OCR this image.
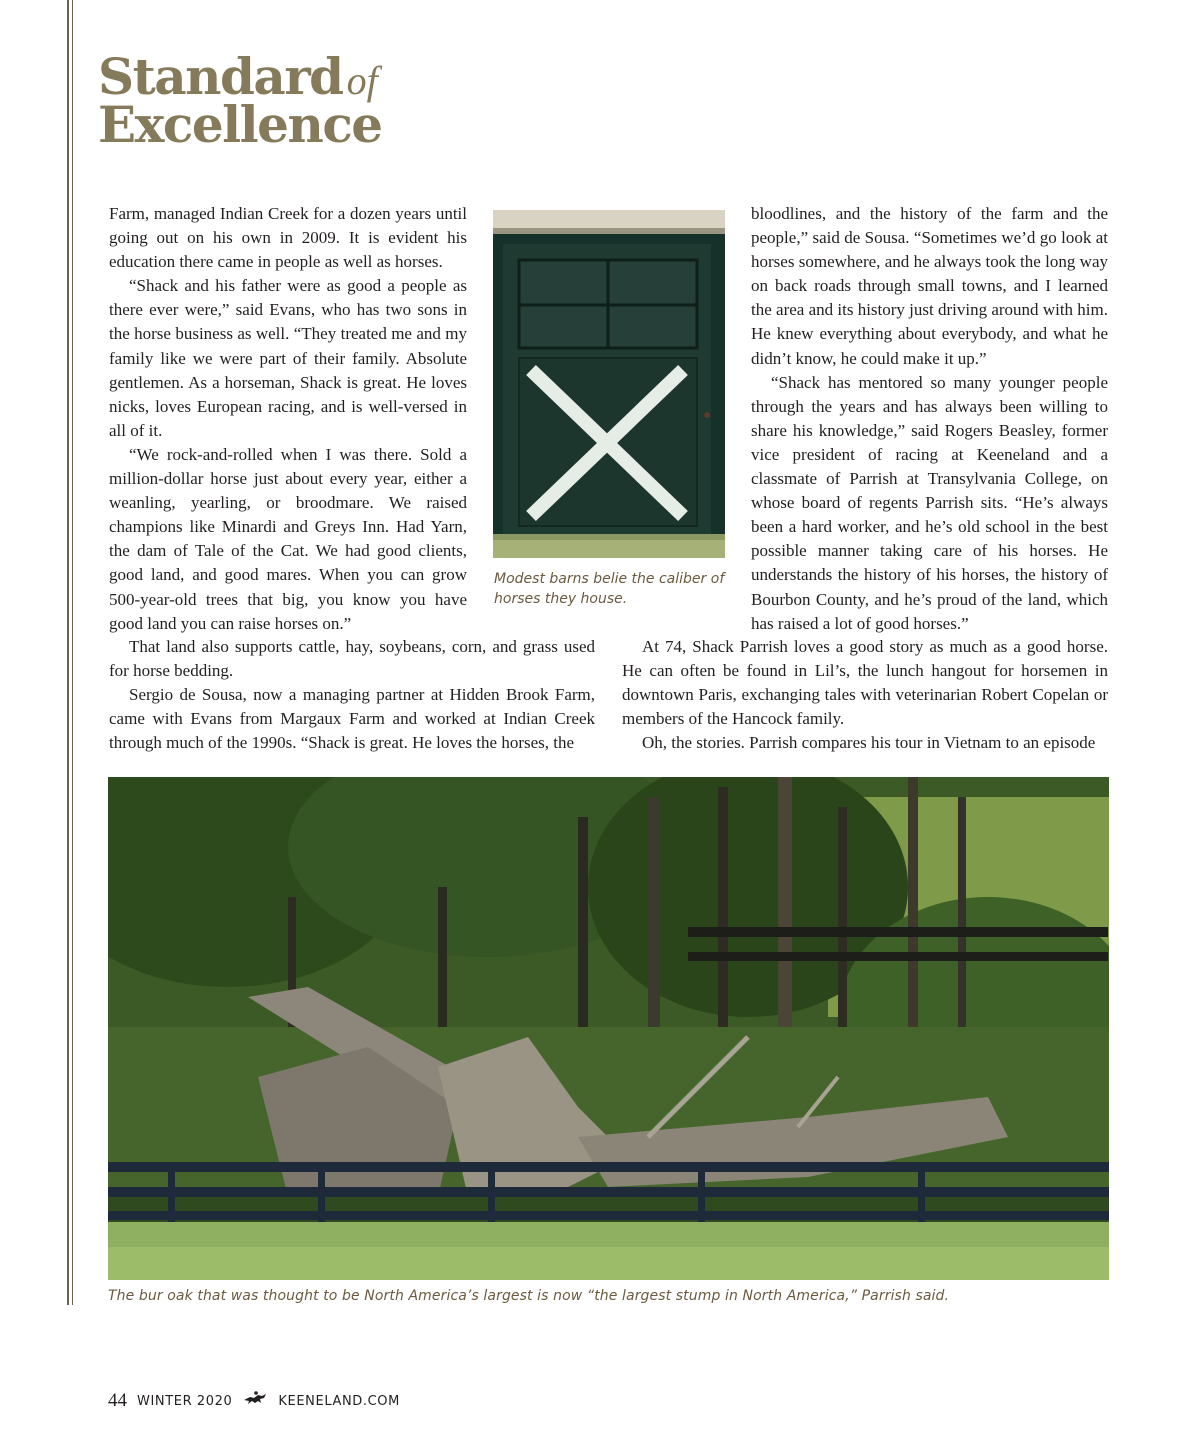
Standard of
Excellence

Farm, managed Indian Creek for a dozen years until going out on his own in 2009. It is evident his education there came in people as well as horses.

“Shack and his father were as good a people as there ever were,” said Evans, who has two sons in the horse business as well. “They treated me and my family like we were part of their family. Absolute gentlemen. As a horseman, Shack is great. He loves nicks, loves European racing, and is well-versed in all of it.

“We rock-and-rolled when I was there. Sold a million-dollar horse just about every year, either a weanling, yearling, or broodmare. We raised champions like Minardi and Greys Inn. Had Yarn, the dam of Tale of the Cat. We had good clients, good land, and good mares. When you can grow 500-year-old trees that big, you know you have good land you can raise horses on.”

Modest barns belie the caliber of horses they house.

bloodlines, and the history of the farm and the people,” said de Sousa. “Sometimes we’d go look at horses somewhere, and he always took the long way on back roads through small towns, and I learned the area and its history just driving around with him. He knew everything about everybody, and what he didn’t know, he could make it up.”

“Shack has mentored so many younger people through the years and has always been willing to share his knowledge,” said Rogers Beasley, former vice president of racing at Keeneland and a classmate of Parrish at Transylvania College, on whose board of regents Parrish sits. “He’s always been a hard worker, and he’s old school in the best possible manner taking care of his horses. He understands the history of his horses, the history of Bourbon County, and he’s proud of the land, which has raised a lot of good horses.”

That land also supports cattle, hay, soybeans, corn, and grass used for horse bedding.

Sergio de Sousa, now a managing partner at Hidden Brook Farm, came with Evans from Margaux Farm and worked at Indian Creek through much of the 1990s. “Shack is great. He loves the horses, the

At 74, Shack Parrish loves a good story as much as a good horse. He can often be found in Lil’s, the lunch hangout for horsemen in downtown Paris, exchanging tales with veterinarian Robert Copelan or members of the Hancock family.

Oh, the stories. Parrish compares his tour in Vietnam to an episode

The bur oak that was thought to be North America’s largest is now “the largest stump in North America,” Parrish said.
44 WINTER 2020	KEENELAND.COM
